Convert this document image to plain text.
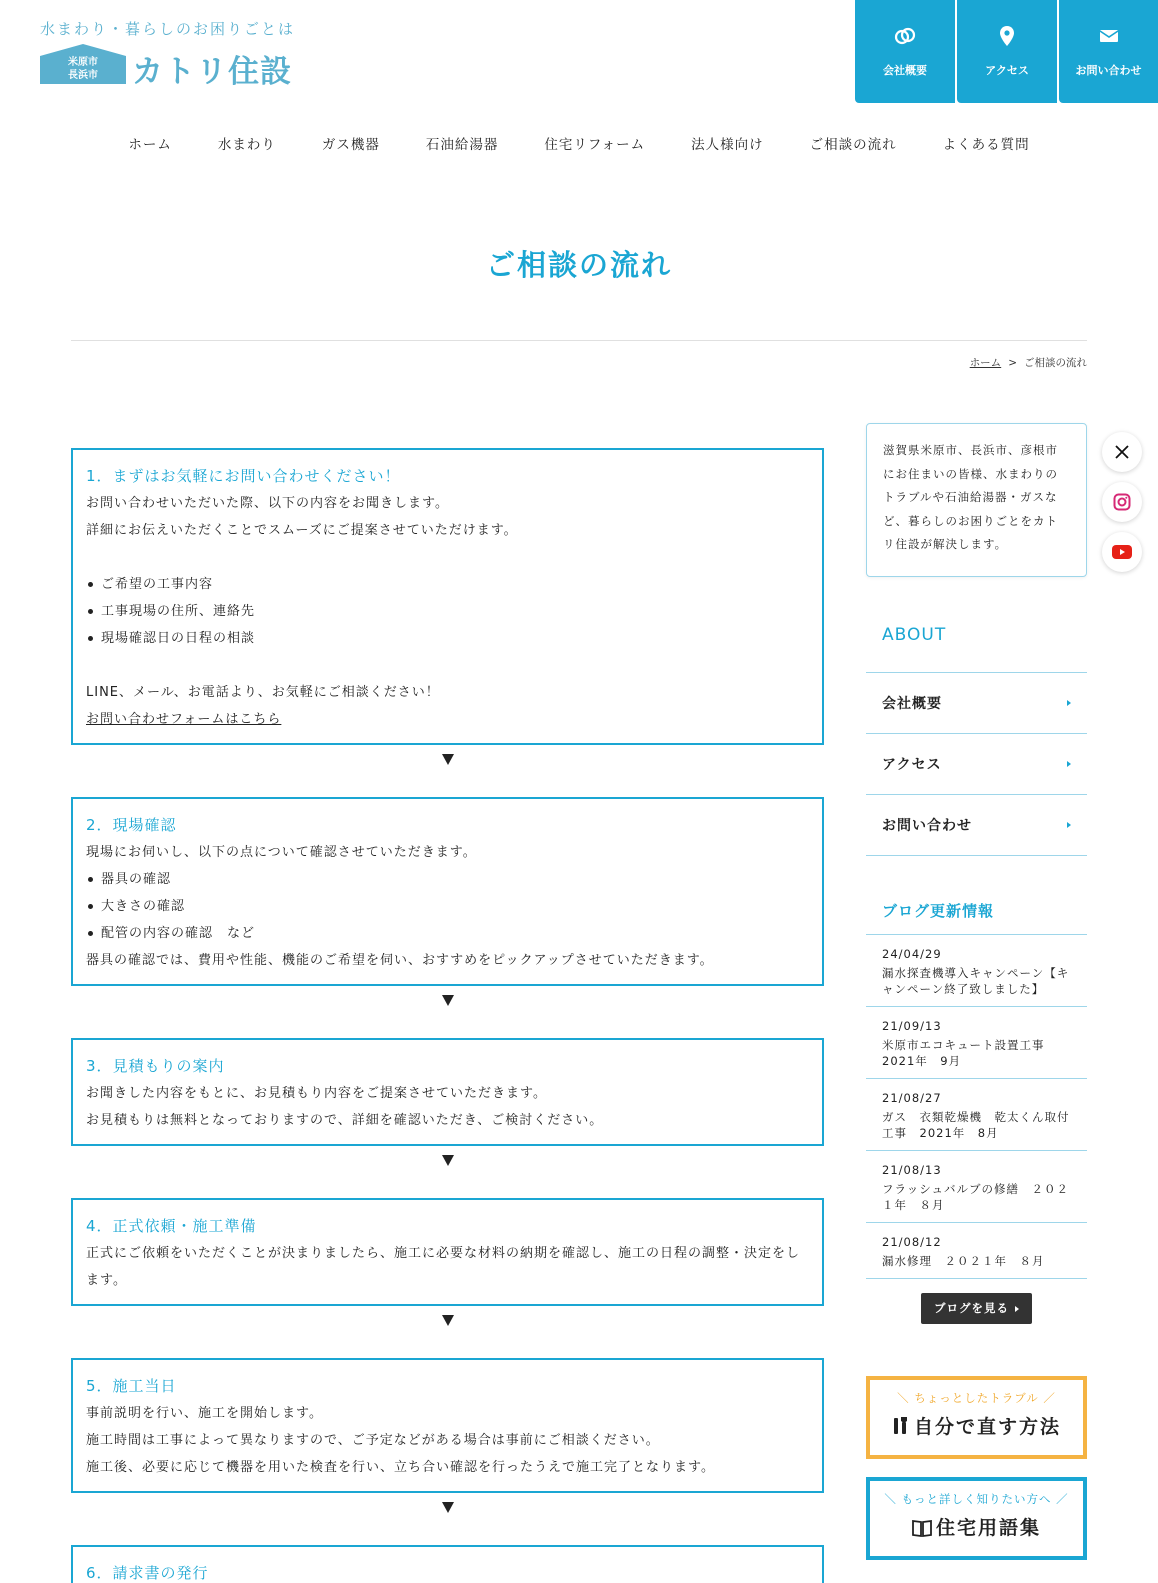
水まわり・暮らしのお困りごとは
米原市
長浜市	カトリ住設	会社概要	アクセス	お問い合わせ
ホーム	水まわり	ガス機器	石油給湯器	住宅リフォーム	法人様向け	ご相談の流れ	よくある質問
ご相談の流れ
ホーム > ご相談の流れ
1．まずはお気軽にお問い合わせください！

お問い合わせいただいた際、以下の内容をお聞きします。

詳細にお伝えいただくことでスムーズにご提案させていただけます。

ご希望の工事内容
工事現場の住所、連絡先
現場確認日の日程の相談

LINE、メール、お電話より、お気軽にご相談ください！

お問い合わせフォームはこちら

2．現場確認

現場にお伺いし、以下の点について確認させていただきます。

器具の確認
大きさの確認
配管の内容の確認　など

器具の確認では、費用や性能、機能のご希望を伺い、おすすめをピックアップさせていただきます。

3．見積もりの案内

お聞きした内容をもとに、お見積もり内容をご提案させていただきます。

お見積もりは無料となっておりますので、詳細を確認いただき、ご検討ください。

4．正式依頼・施工準備

正式にご依頼をいただくことが決まりましたら、施工に必要な材料の納期を確認し、施工の日程の調整・決定をします。

5．施工当日

事前説明を行い、施工を開始します。

施工時間は工事によって異なりますので、ご予定などがある場合は事前にご相談ください。

施工後、必要に応じて機器を用いた検査を行い、立ち合い確認を行ったうえで施工完了となります。

6．請求書の発行
滋賀県米原市、長浜市、彦根市にお住まいの皆様、水まわりのトラブルや石油給湯器・ガスなど、暮らしのお困りごとをカトリ住設が解決します。
ABOUT
会社概要
アクセス
お問い合わせ
ブログ更新情報
24/04/29
漏水探査機導入キャンペーン【キャンペーン終了致しました】
21/09/13
米原市エコキュート設置工事 2021年　9月
21/08/27
ガス　衣類乾燥機　乾太くん取付工事　2021年　8月
21/08/13
フラッシュバルブの修繕　２０２１年　８月
21/08/12
漏水修理　２０２１年　８月
ブログを見る
＼ ちょっとしたトラブル ／
自分で直す方法
＼ もっと詳しく知りたい方へ ／
住宅用語集
